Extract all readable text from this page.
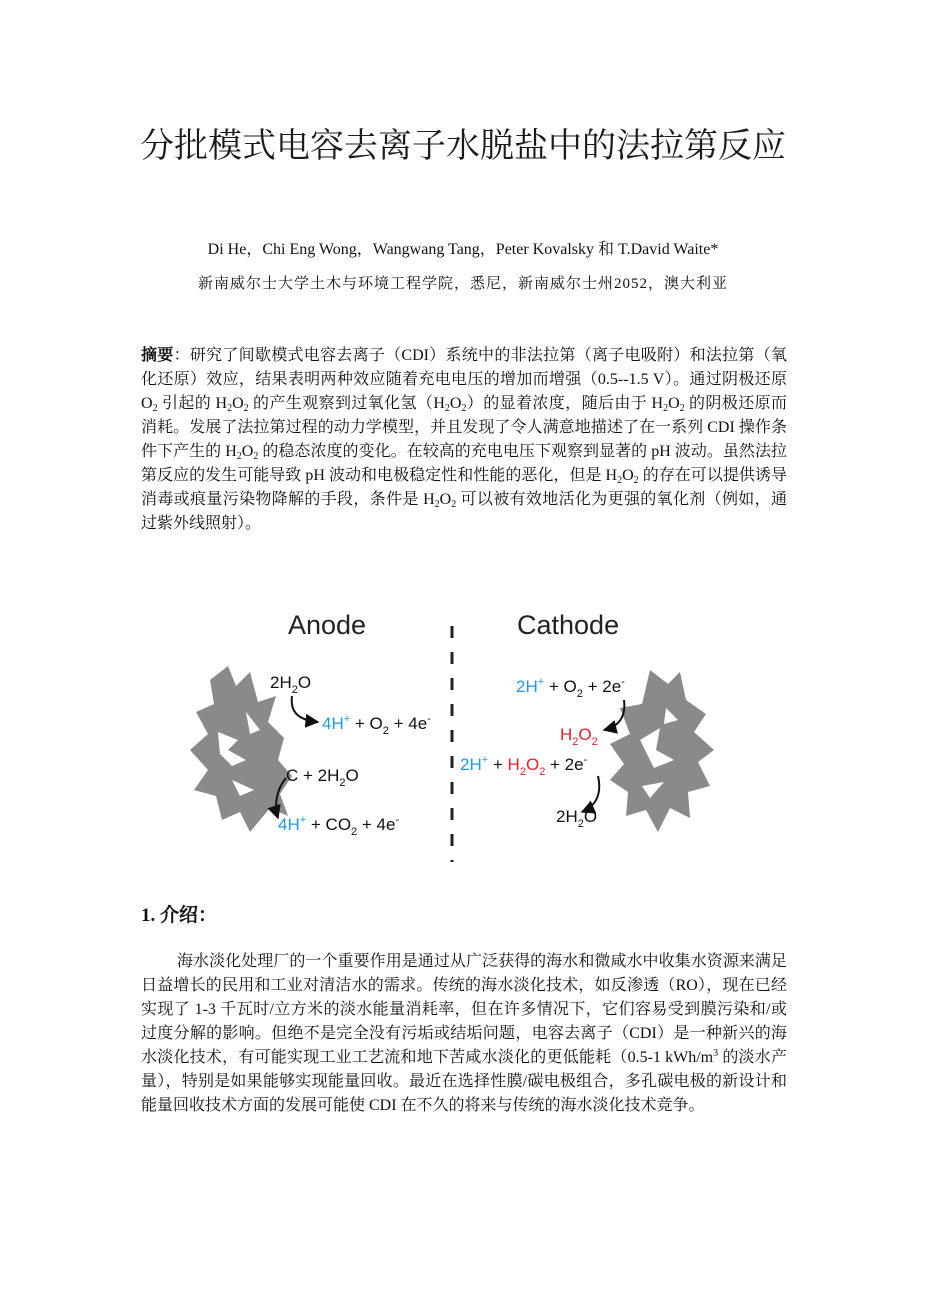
分批模式电容去离子水脱盐中的法拉第反应
Di He，Chi Eng Wong，Wangwang Tang，Peter Kovalsky 和 T.David Waite*
新南威尔士大学土木与环境工程学院，悉尼，新南威尔士州2052，澳大利亚
摘要：研究了间歇模式电容去离子（CDI）系统中的非法拉第（离子电吸附）和法拉第（氧化还原）效应，结果表明两种效应随着充电电压的增加而增强（0.5--1.5 V）。通过阴极还原 $O_2$ 引起的 $H_2O_2$ 的产生观察到过氧化氢$(H_2O_2)$的显着浓度，随后由于 $H_2O_2$ 的阴极还原而消耗。发展了法拉第过程的动力学模型，并且发现了令人满意地描述了在一系列 CDI 操作条件下产生的 $H_2O_2$ 的稳态浓度的变化。在较高的充电电压下观察到显著的 pH 波动。虽然法拉第反应的发生可能导致 pH 波动和电极稳定性和性能的恶化，但是 $H_2O_2$ 的存在可以提供诱导消毒或痕量污染物降解的手段，条件是 $H_2O_2$ 可以被有效地活化为更强的氧化剂（例如，通过紫外线照射）。
Anode	Cathode
$2H_2O$
$4H^+ + O_2 + 4e^-$
$C + 2H_2O$
$4H^+ + CO_2 + 4e^-$
$2H^+ + O_2 + 2e^-$
$H_2O_2$
$2H^+ + H_2O_2 + 2e^-$
$2H_2O$
1. 介绍：
海水淡化处理厂的一个重要作用是通过从广泛获得的海水和微咸水中收集水资源来满足日益增长的民用和工业对清洁水的需求。传统的海水淡化技术，如反渗透（RO），现在已经实现了 1-3 千瓦时/立方米的淡水能量消耗率，但在许多情况下，它们容易受到膜污染和/或过度分解的影响。但绝不是完全没有污垢或结垢问题，电容去离子（CDI）是一种新兴的海水淡化技术，有可能实现工业工艺流和地下苦咸水淡化的更低能耗（0.5-1 kWh/$m^3$ 的淡水产量），特别是如果能够实现能量回收。最近在选择性膜/碳电极组合，多孔碳电极的新设计和能量回收技术方面的发展可能使 CDI 在不久的将来与传统的海水淡化技术竞争。
